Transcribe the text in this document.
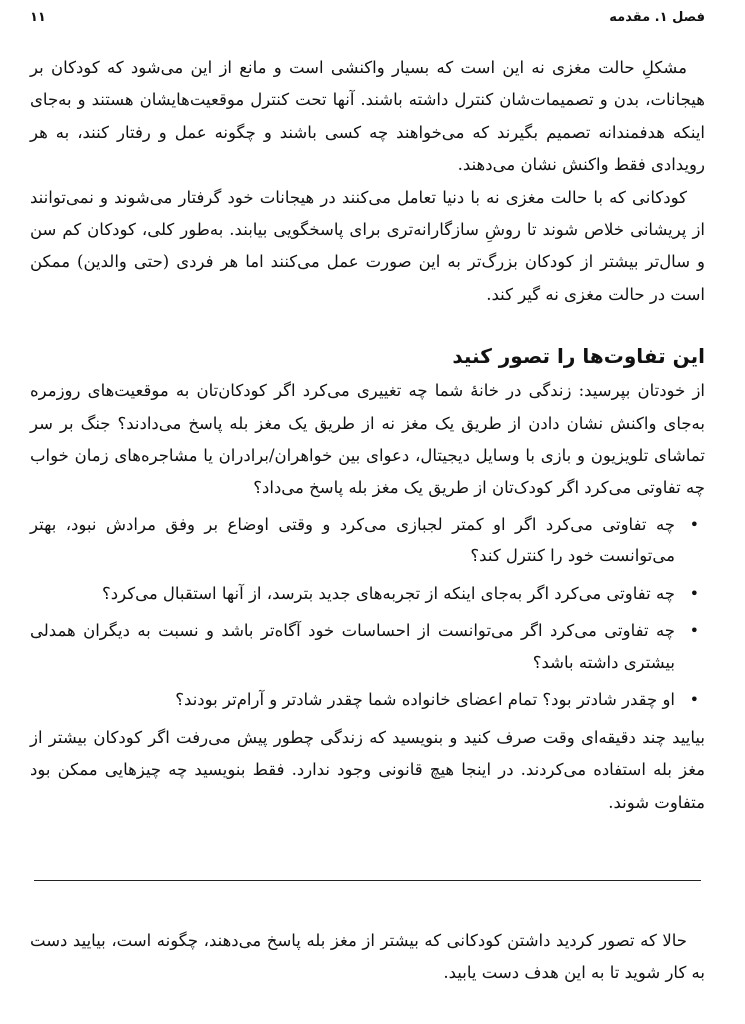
فصل ۱. مقدمه
۱۱

مشکلِ حالت مغزی نه این است که بسیار واکنشی است و مانع از این می‌شود که کودکان بر هیجانات، بدن و تصمیمات‌شان کنترل داشته باشند. آنها تحت کنترل موقعیت‌هایشان هستند و به‌جای اینکه هدفمندانه تصمیم بگیرند که می‌خواهند چه کسی باشند و چگونه عمل و رفتار کنند، به هر رویدادی فقط واکنش نشان می‌دهند.

کودکانی که با حالت مغزی نه با دنیا تعامل می‌کنند در هیجانات خود گرفتار می‌شوند و نمی‌توانند از پریشانی خلاص شوند تا روشِ سازگارانه‌تری برای پاسخگویی بیابند. به‌طور کلی، کودکان کم سن و سال‌تر بیشتر از کودکان بزرگ‌تر به این صورت عمل می‌کنند اما هر فردی (حتی والدین) ممکن است در حالت مغزی نه گیر کند.

این تفاوت‌ها را تصور کنید

از خودتان بپرسید: زندگی در خانهٔ شما چه تغییری می‌کرد اگر کودکان‌تان به موقعیت‌های روزمره به‌جای واکنش نشان دادن از طریق یک مغز نه از طریق یک مغز بله پاسخ می‌دادند؟ جنگ بر سر تماشای تلویزیون و بازی با وسایل دیجیتال، دعوای بین خواهران/برادران یا مشاجره‌های زمان خواب چه تفاوتی می‌کرد اگر کودک‌تان از طریق یک مغز بله پاسخ می‌داد؟

•
چه تفاوتی می‌کرد اگر او کمتر لجبازی می‌کرد و وقتی اوضاع بر وفق مرادش نبود، بهتر می‌توانست خود را کنترل کند؟
•
چه تفاوتی می‌کرد اگر به‌جای اینکه از تجربه‌های جدید بترسد، از آنها استقبال می‌کرد؟
•
چه تفاوتی می‌کرد اگر می‌توانست از احساسات خود آگاه‌تر باشد و نسبت به دیگران همدلی بیشتری داشته باشد؟
•
او چقدر شادتر بود؟ تمام اعضای خانواده شما چقدر شادتر و آرام‌تر بودند؟

بیایید چند دقیقه‌ای وقت صرف کنید و بنویسید که زندگی چطور پیش می‌رفت اگر کودکان بیشتر از مغز بله استفاده می‌کردند. در اینجا هیچ قانونی وجود ندارد. فقط بنویسید چه چیزهایی ممکن بود متفاوت شوند.

حالا که تصور کردید داشتن کودکانی که بیشتر از مغز بله پاسخ می‌دهند، چگونه است، بیایید دست به کار شوید تا به این هدف دست یابید.
